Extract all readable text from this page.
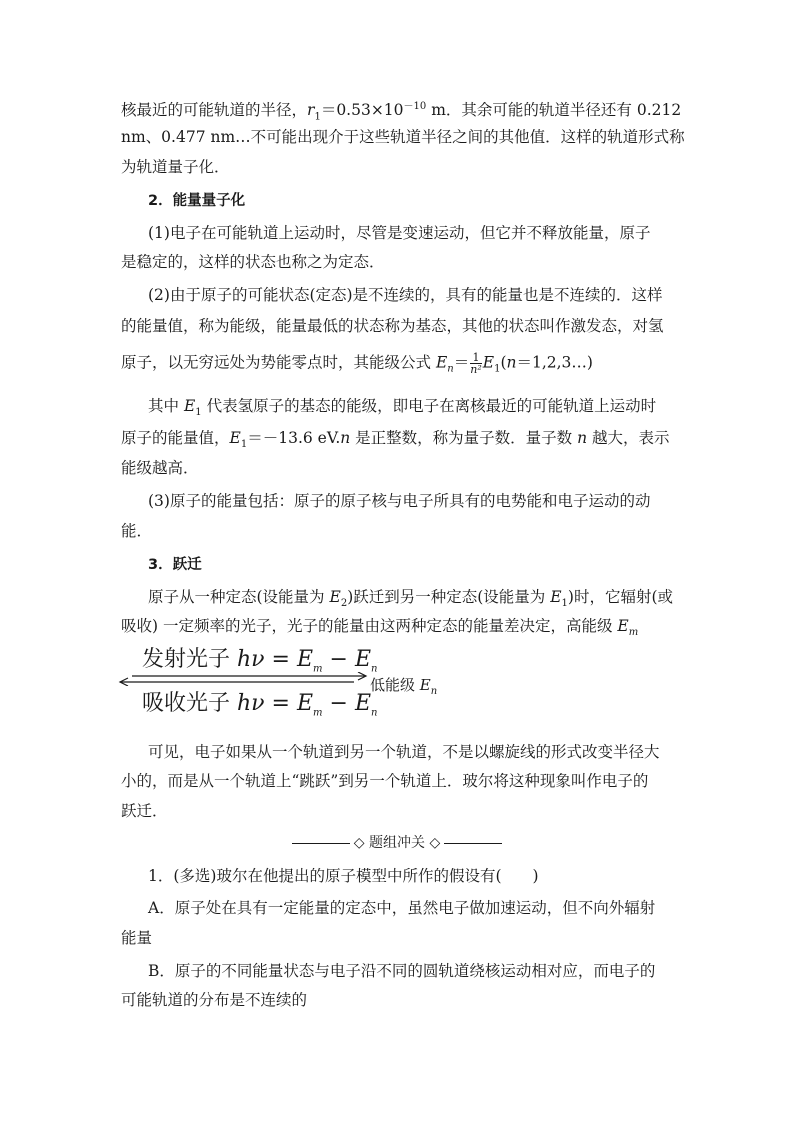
核最近的可能轨道的半径，$r_1=0.53\times 10^{-10}$ m．其余可能的轨道半径还有 0.212
nm、0.477 nm…不可能出现介于这些轨道半径之间的其他值．这样的轨道形式称
为轨道量子化．
2．能量量子化
(1)电子在可能轨道上运动时，尽管是变速运动，但它并不释放能量，原子
是稳定的，这样的状态也称之为定态．
(2)由于原子的可能状态(定态)是不连续的，具有的能量也是不连续的．这样
的能量值，称为能级，能量最低的状态称为基态，其他的状态叫作激发态，对氢
原子，以无穷远处为势能零点时，其能级公式 $E_n= \frac{1}{\text{n²}}$ $E_1(n=1,2,3\dots)$
其中 $E_1$ 代表氢原子的基态的能级，即电子在离核最近的可能轨道上运动时
原子的能量值，$E_1=-13.6$ eV.n 是正整数，称为量子数．量子数 n 越大，表示
能级越高．
(3)原子的能量包括：原子的原子核与电子所具有的电势能和电子运动的动
能．
3．跃迁
原子从一种定态(设能量为 $E_2$)跃迁到另一种定态(设能量为 $E_1$)时，它辐射(或
吸收) 一定频率的光子，光子的能量由这两种定态的能量差决定，高能级 $E_m$
发射光子 $h\nu = E_m - E_n$
吸收光子 $h\nu = E_m - E_n$
低能级 $E_n$
可见，电子如果从一个轨道到另一个轨道，不是以螺旋线的形式改变半径大
小的，而是从一个轨道上“跳跃”到另一个轨道上．玻尔将这种现象叫作电子的
跃迁．
◇ 题组冲关 ◇
1．(多选)玻尔在他提出的原子模型中所作的假设有(　　)
A．原子处在具有一定能量的定态中，虽然电子做加速运动，但不向外辐射
能量
B．原子的不同能量状态与电子沿不同的圆轨道绕核运动相对应，而电子的
可能轨道的分布是不连续的
